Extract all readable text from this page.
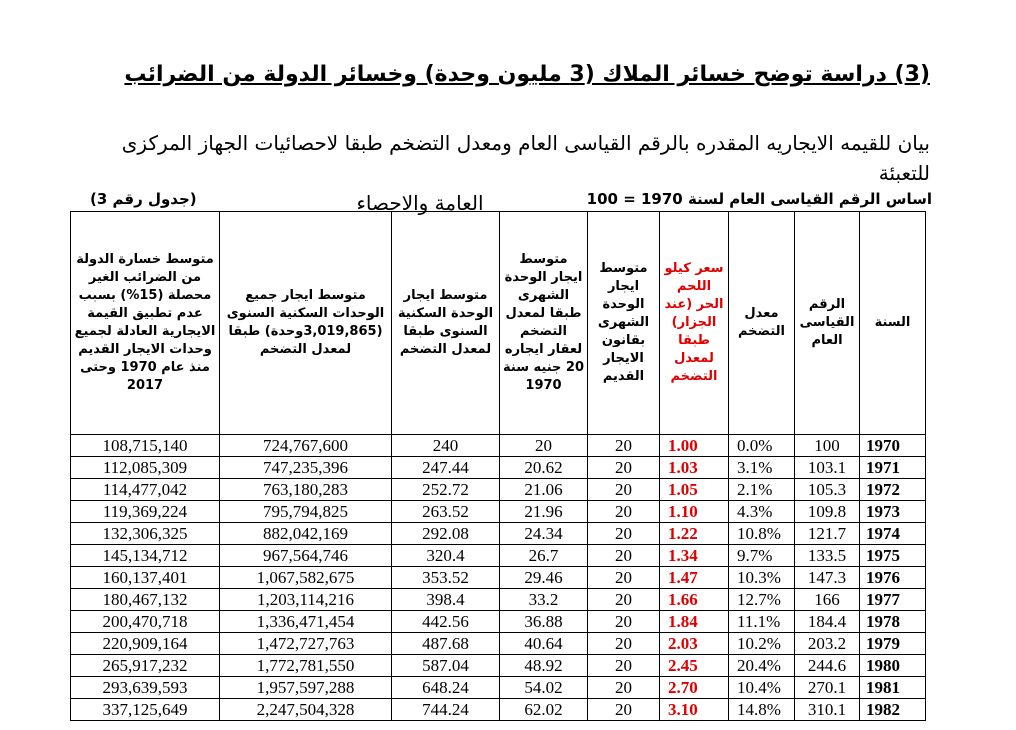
(3) دراسة توضح خسائر الملاك (3 مليون وحدة) وخسائر الدولة من الضرائب
بيان للقيمه الايجاريه المقدره بالرقم القياسى العام ومعدل التضخم طبقا لاحصائيات الجهاز المركزى للتعبئة
العامة والاحصاء	اساس الرقم القياسى العام لسنة 1970 = 100
(جدول رقم 3)
السنة	الرقم القياسى العام	معدل التضخم	سعر كيلو اللحم الحر (عند الجزار) طبقا لمعدل التضخم	متوسط ايجار الوحدة الشهرى بقانون الايجار القديم	متوسط ايجار الوحدة الشهرى طبقا لمعدل التضخم لعقار ايجاره 20 جنيه سنة 1970	متوسط ايجار الوحدة السكنية السنوى طبقا لمعدل التضخم	متوسط ايجار جميع الوحدات السكنية السنوى (3,019,865وحدة) طبقا لمعدل التضخم	متوسط خسارة الدولة من الضرائب الغير محصلة (15%) بسبب عدم تطبيق القيمة الايجارية العادلة لجميع وحدات الايجار القديم منذ عام 1970 وحتى 2017
1970	100	0.0%	1.00	20	20	240	724,767,600	108,715,140
1971	103.1	3.1%	1.03	20	20.62	247.44	747,235,396	112,085,309
1972	105.3	2.1%	1.05	20	21.06	252.72	763,180,283	114,477,042
1973	109.8	4.3%	1.10	20	21.96	263.52	795,794,825	119,369,224
1974	121.7	10.8%	1.22	20	24.34	292.08	882,042,169	132,306,325
1975	133.5	9.7%	1.34	20	26.7	320.4	967,564,746	145,134,712
1976	147.3	10.3%	1.47	20	29.46	353.52	1,067,582,675	160,137,401
1977	166	12.7%	1.66	20	33.2	398.4	1,203,114,216	180,467,132
1978	184.4	11.1%	1.84	20	36.88	442.56	1,336,471,454	200,470,718
1979	203.2	10.2%	2.03	20	40.64	487.68	1,472,727,763	220,909,164
1980	244.6	20.4%	2.45	20	48.92	587.04	1,772,781,550	265,917,232
1981	270.1	10.4%	2.70	20	54.02	648.24	1,957,597,288	293,639,593
1982	310.1	14.8%	3.10	20	62.02	744.24	2,247,504,328	337,125,649
